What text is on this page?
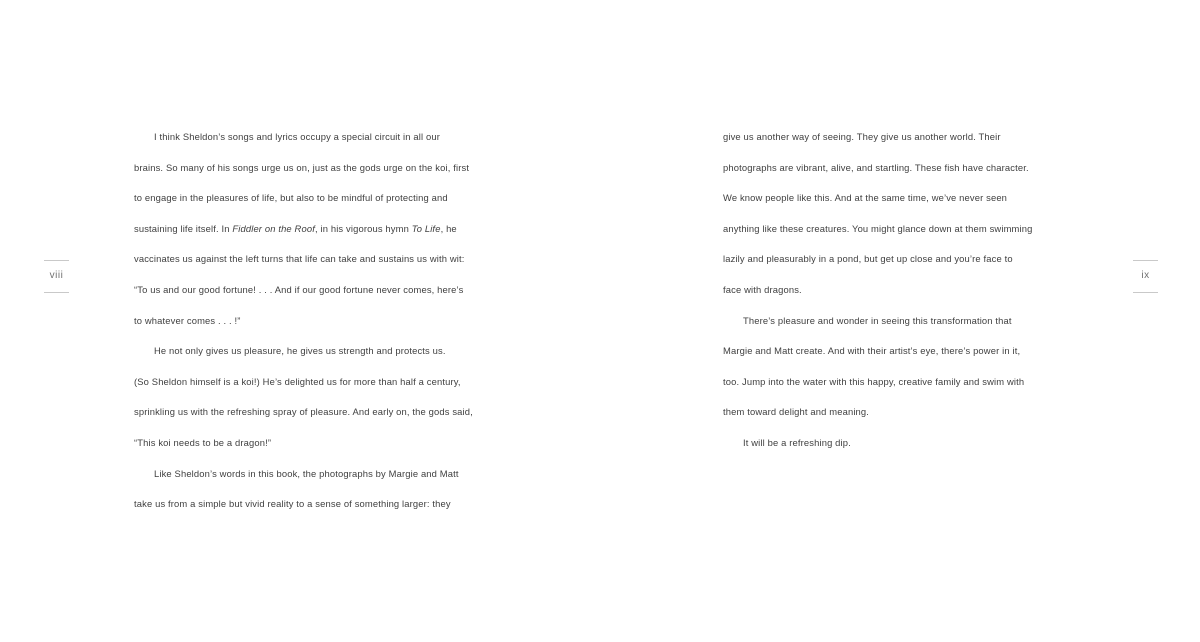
viii
I think Sheldon’s songs and lyrics occupy a special circuit in all our
brains. So many of his songs urge us on, just as the gods urge on the koi, first
to engage in the pleasures of life, but also to be mindful of protecting and
sustaining life itself. In Fiddler on the Roof, in his vigorous hymn To Life, he
vaccinates us against the left turns that life can take and sustains us with wit:
“To us and our good fortune! . . . And if our good fortune never comes, here’s
to whatever comes . . . !”
He not only gives us pleasure, he gives us strength and protects us.
(So Sheldon himself is a koi!) He’s delighted us for more than half a century,
sprinkling us with the refreshing spray of pleasure. And early on, the gods said,
“This koi needs to be a dragon!”
Like Sheldon’s words in this book, the photographs by Margie and Matt
take us from a simple but vivid reality to a sense of something larger: they
give us another way of seeing. They give us another world. Their
photographs are vibrant, alive, and startling. These fish have character.
We know people like this. And at the same time, we’ve never seen
anything like these creatures. You might glance down at them swimming
lazily and pleasurably in a pond, but get up close and you’re face to
face with dragons.
There’s pleasure and wonder in seeing this transformation that
Margie and Matt create. And with their artist’s eye, there’s power in it,
too. Jump into the water with this happy, creative family and swim with
them toward delight and meaning.
It will be a refreshing dip.
ix
